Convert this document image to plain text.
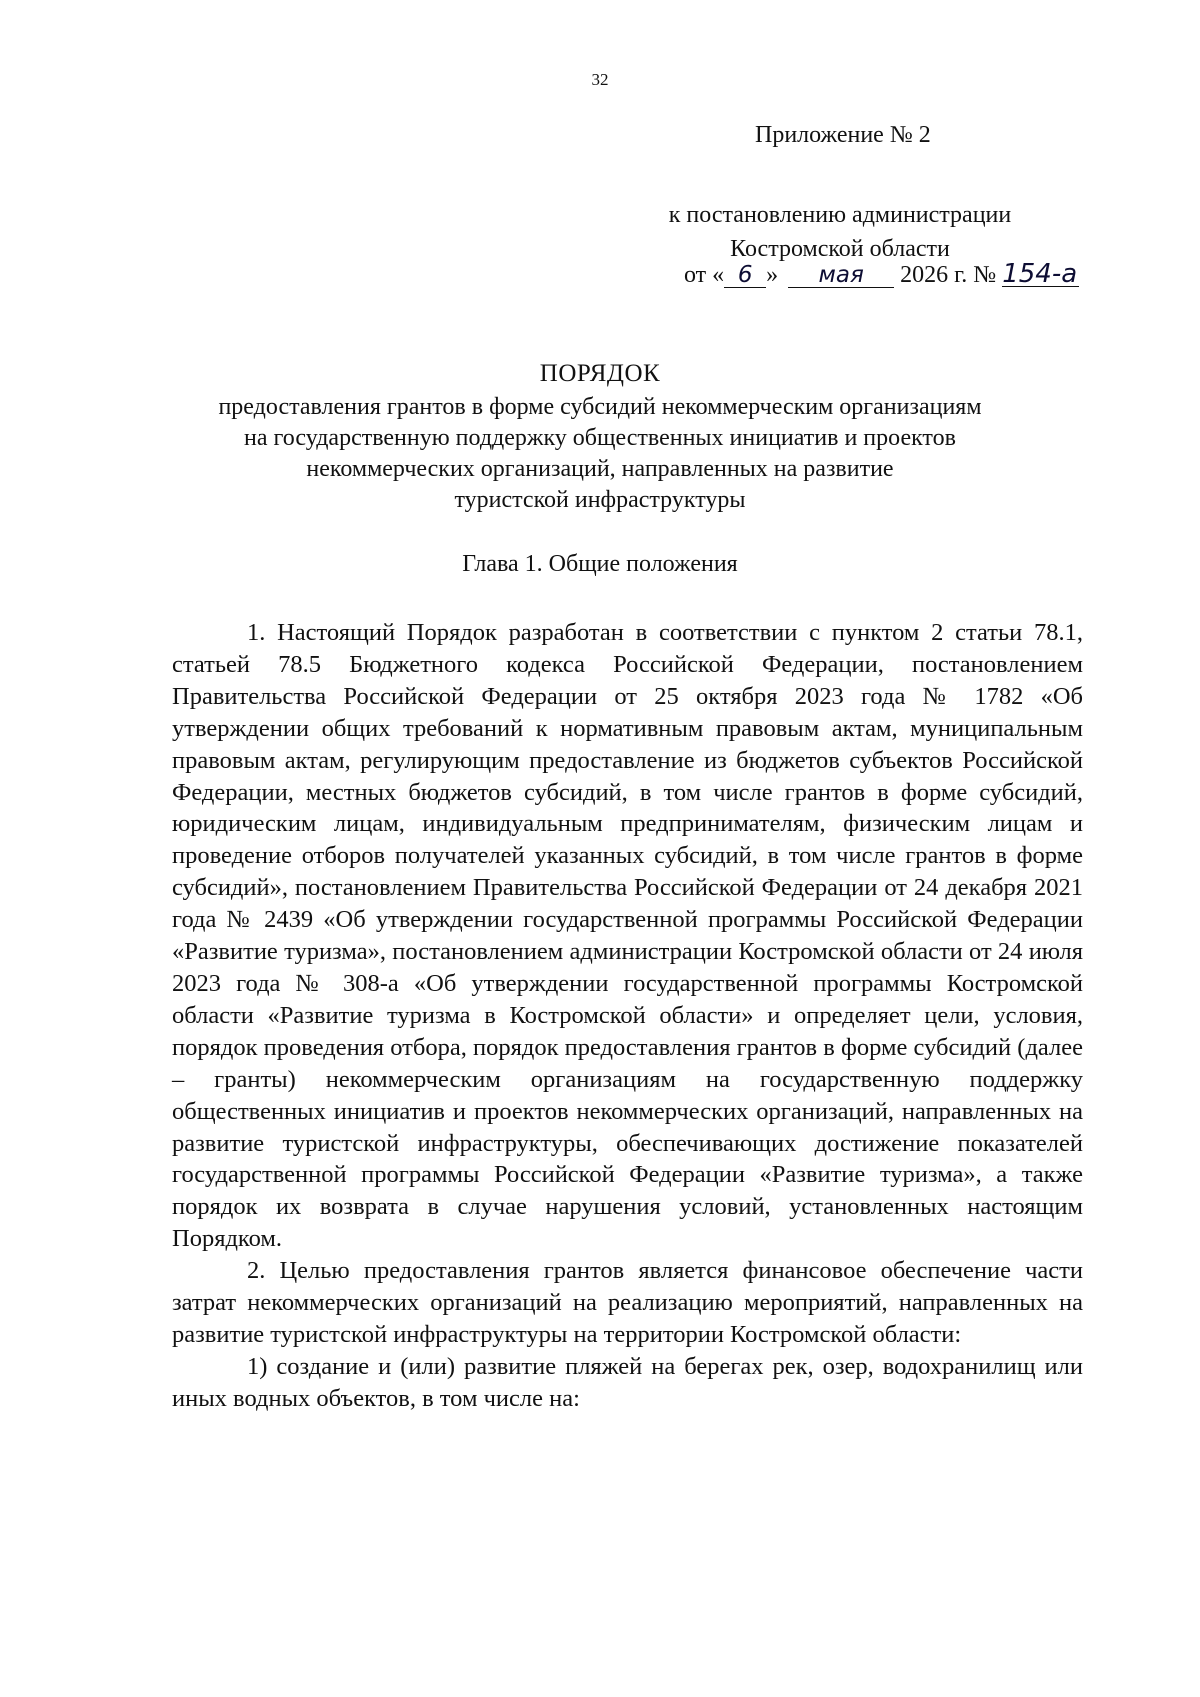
32
Приложение № 2
к постановлению администрации
Костромской области
от « 6 » мая 2026 г. № 154-а
ПОРЯДОК
предоставления грантов в форме субсидий некоммерческим организациям
на государственную поддержку общественных инициатив и проектов
некоммерческих организаций, направленных на развитие
туристской инфраструктуры
Глава 1. Общие положения

1. Настоящий Порядок разработан в соответствии с пунктом 2 статьи 78.1, статьей 78.5 Бюджетного кодекса Российской Федерации, постановлением Правительства Российской Федерации от 25 октября 2023 года № 1782 «Об утверждении общих требований к нормативным правовым актам, муниципальным правовым актам, регулирующим предоставление из бюджетов субъектов Российской Федерации, местных бюджетов субсидий, в том числе грантов в форме субсидий, юридическим лицам, индивидуальным предпринимателям, физическим лицам и проведение отборов получателей указанных субсидий, в том числе грантов в форме субсидий», постановлением Правительства Российской Федерации от 24 декабря 2021 года № 2439 «Об утверждении государственной программы Российской Федерации «Развитие туризма», постановлением администрации Костромской области от 24 июля 2023 года № 308-а «Об утверждении государственной программы Костромской области «Развитие туризма в Костромской области» и определяет цели, условия, порядок проведения отбора, порядок предоставления грантов в форме субсидий (далее – гранты) некоммерческим организациям на государственную поддержку общественных инициатив и проектов некоммерческих организаций, направленных на развитие туристской инфраструктуры, обеспечивающих достижение показателей государственной программы Российской Федерации «Развитие туризма», а также порядок их возврата в случае нарушения условий, установленных настоящим Порядком.

2. Целью предоставления грантов является финансовое обеспечение части затрат некоммерческих организаций на реализацию мероприятий, направленных на развитие туристской инфраструктуры на территории Костромской области:

1) создание и (или) развитие пляжей на берегах рек, озер, водохранилищ или иных водных объектов, в том числе на:
